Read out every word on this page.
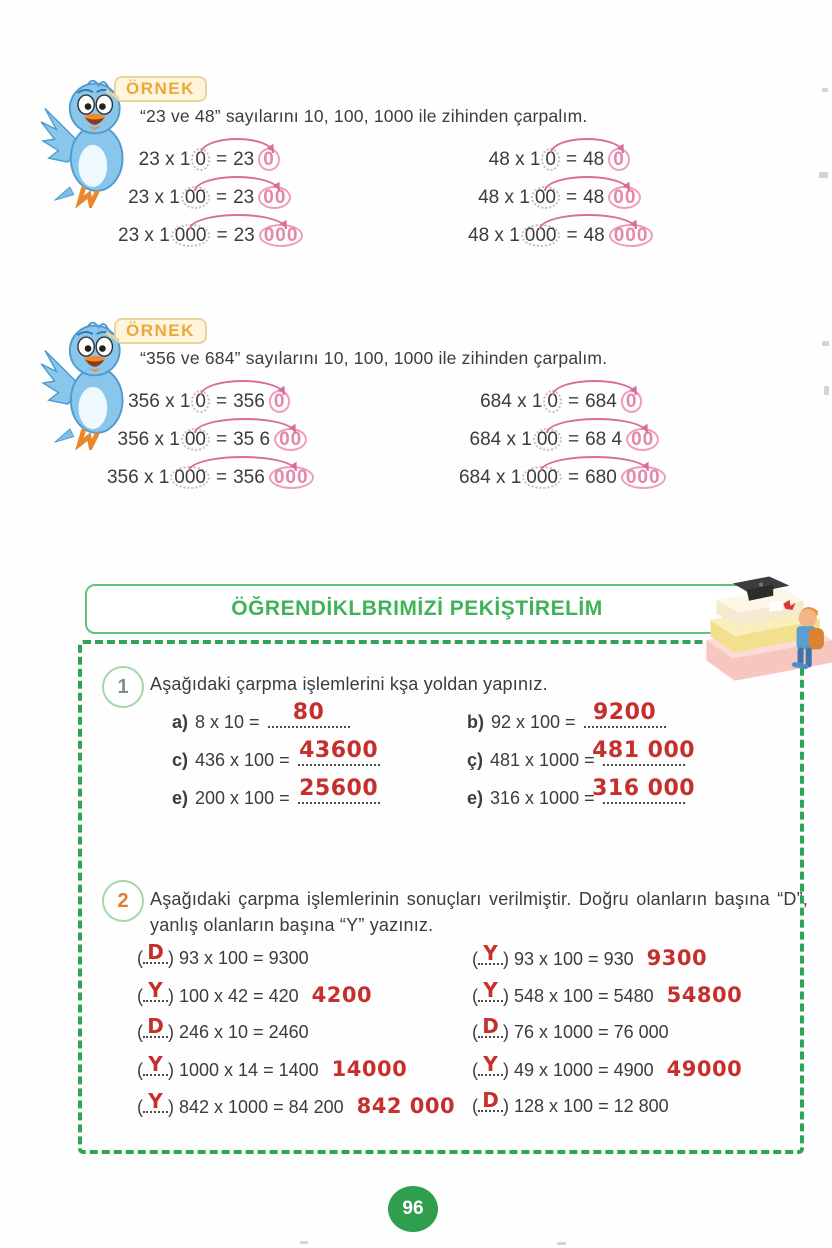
ÖRNEK
“23 ve 48” sayılarını 10, 100, 1000 ile zihinden çarpalım.
23 x 1 0 = 23 0
23 x 1 00 = 23 00
23 x 1 000 = 23 000
48 x 1 0 = 48 0
48 x 1 00 = 48 00
48 x 1 000 = 48 000
ÖRNEK
“356 ve 684” sayılarını 10, 100, 1000 ile zihinden çarpalım.
356 x 1 0 = 356 0
356 x 1 00 = 35 6 00
356 x 1 000 = 356 000
684 x 1 0 = 684 0
684 x 1 00 = 68 4 00
684 x 1 000 = 680 000
ÖĞRENDİKLBRIMİZİ PEKİŞTİRELİM
1 Aşağıdaki çarpma işlemlerini kşa yoldan yapınız.
a) 8 x 10 = 80
c) 436 x 100 = 43600
e) 200 x 100 = 25600
b) 92 x 100 = 9200
ç) 481 x 1000 =
481 000
e) 316 x 1000 =
316 000
2 Aşağıdaki çarpma işlemlerinin sonuçları verilmiştir. Doğru olanların başına “D”, yanlış olanların başına “Y” yazınız.
( D ) 93 x 100 = 9300
( Y ) 100 x 42 = 420 4200
( D ) 246 x 10 = 2460
( Y ) 1000 x 14 = 1400 14000
( Y ) 842 x 1000 = 84 200 842 000
( Y ) 93 x 100 = 930 9300
( Y ) 548 x 100 = 5480 54800
( D ) 76 x 1000 = 76 000
( Y ) 49 x 1000 = 4900 49000
( D ) 128 x 100 = 12 800
96
